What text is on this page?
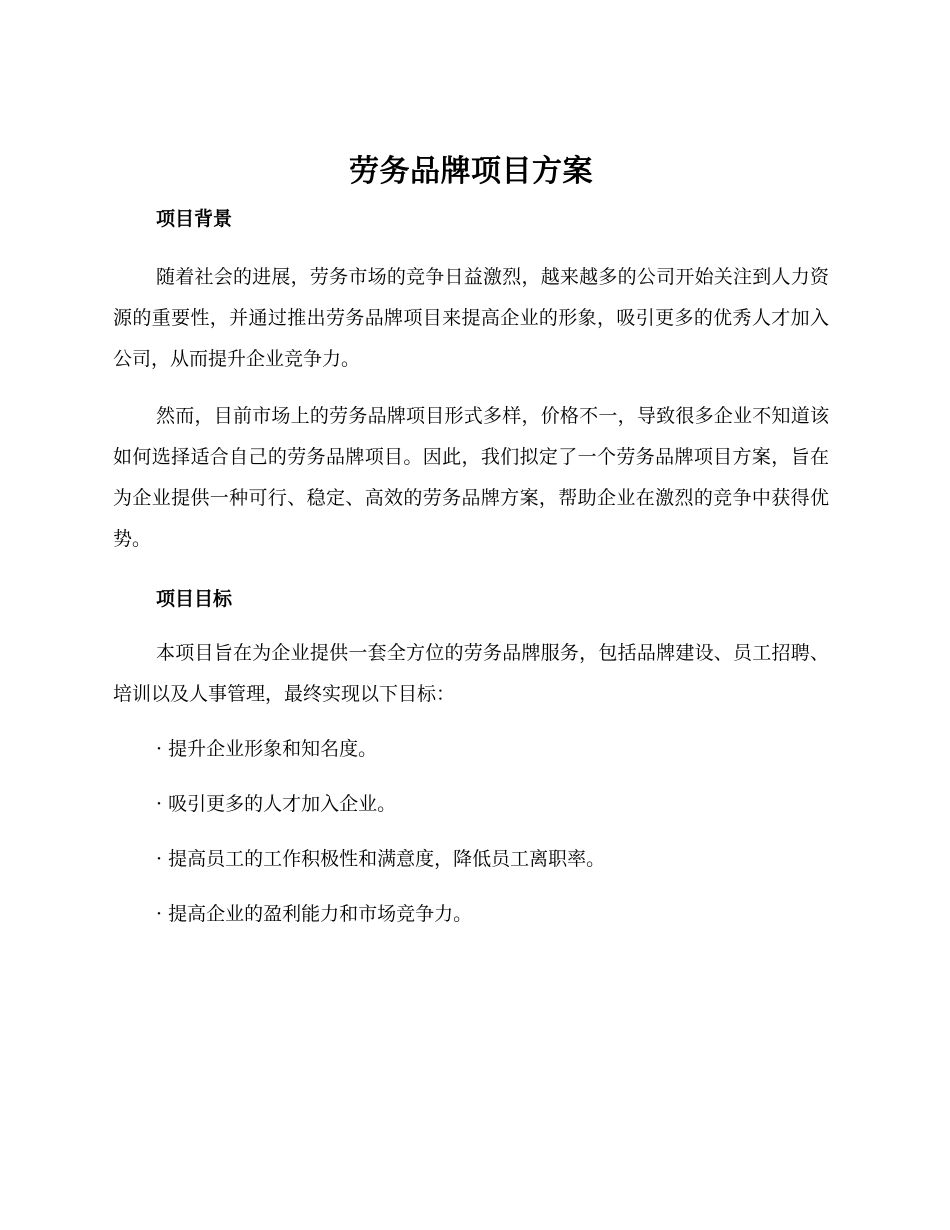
劳务品牌项目方案
项目背景

随着社会的进展，劳务市场的竞争日益激烈，越来越多的公司开始关注到人力资源的重要性，并通过推出劳务品牌项目来提高企业的形象，吸引更多的优秀人才加入公司，从而提升企业竞争力。

然而，目前市场上的劳务品牌项目形式多样，价格不一，导致很多企业不知道该如何选择适合自己的劳务品牌项目。因此，我们拟定了一个劳务品牌项目方案，旨在为企业提供一种可行、稳定、高效的劳务品牌方案，帮助企业在激烈的竞争中获得优势。

项目目标

本项目旨在为企业提供一套全方位的劳务品牌服务，包括品牌建设、员工招聘、培训以及人事管理，最终实现以下目标：

· 提升企业形象和知名度。
· 吸引更多的人才加入企业。
· 提高员工的工作积极性和满意度，降低员工离职率。
· 提高企业的盈利能力和市场竞争力。
